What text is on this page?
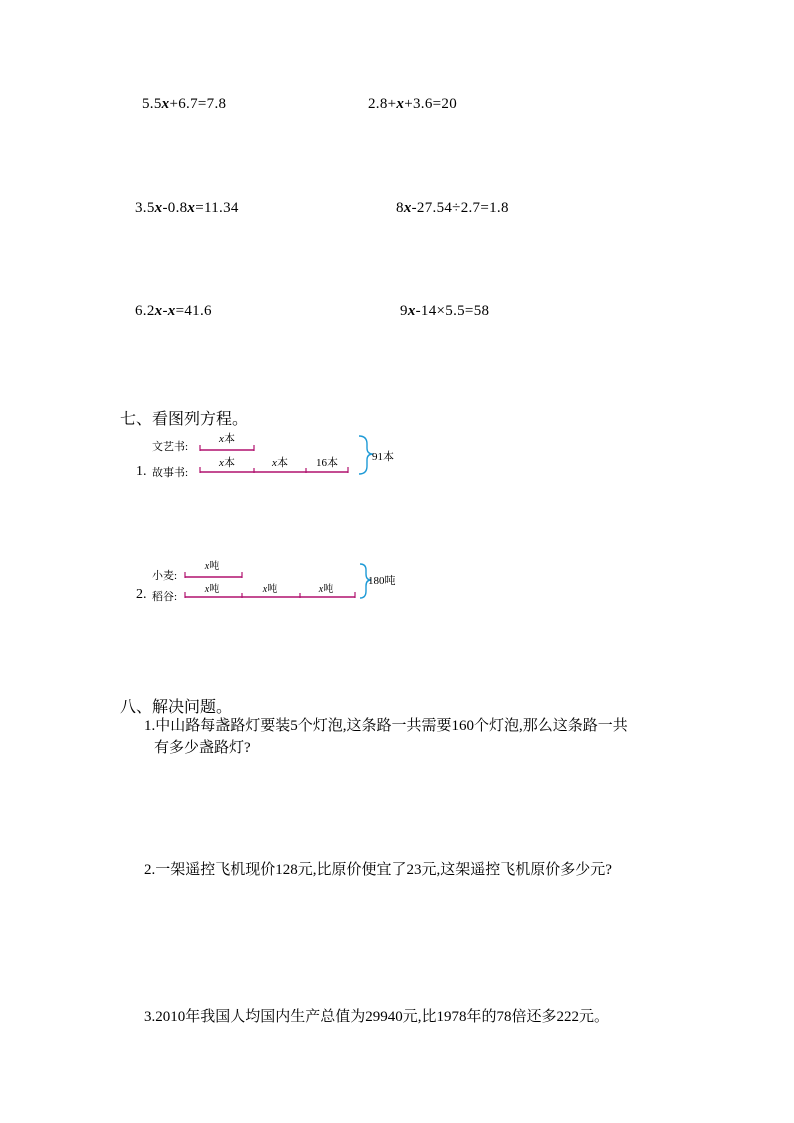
5.5x+6.7=7.8	2.8+x+3.6=20
3.5x-0.8x=11.34	8x-27.54÷2.7=1.8
6.2x-x=41.6	9x-14×5.5=58
七、看图列方程。
1.
文艺书:
故事书:
x本
x本	x本	16本	91本
2.
小麦:
稻谷:
x吨
x吨	x吨	x吨
180吨
八、解决问题。
1.中山路每盏路灯要装5个灯泡,这条路一共需要160个灯泡,那么这条路一共
有多少盏路灯?
2.一架遥控飞机现价128元,比原价便宜了23元,这架遥控飞机原价多少元?
3.2010年我国人均国内生产总值为29940元,比1978年的78倍还多222元。
